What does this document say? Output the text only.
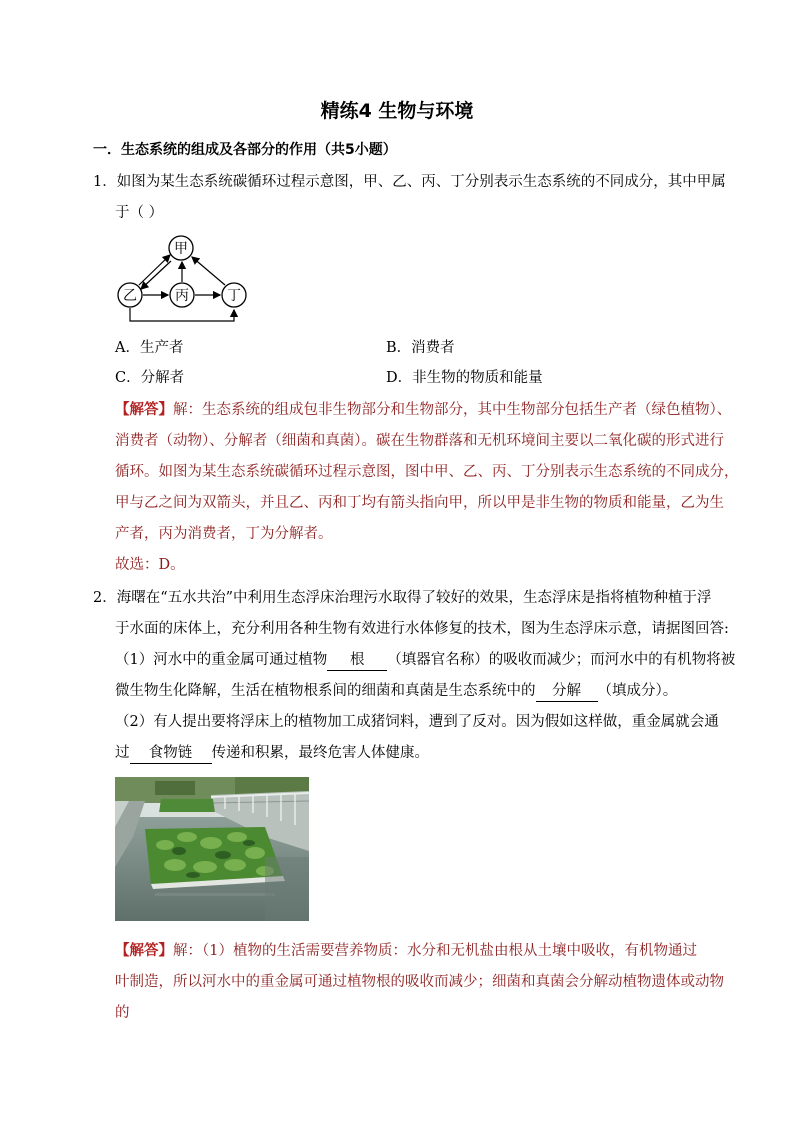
精练4 生物与环境
一．生态系统的组成及各部分的作用（共5小题）
1．如图为某生态系统碳循环过程示意图，甲、乙、丙、丁分别表示生态系统的不同成分，其中甲属
于（ ）
甲
乙	丙	丁
A．生产者	B．消费者
C．分解者	D．非生物的物质和能量
【解答】解：生态系统的组成包非生物部分和生物部分，其中生物部分包括生产者（绿色植物）、
消费者（动物）、分解者（细菌和真菌）。碳在生物群落和无机环境间主要以二氧化碳的形式进行
循环。如图为某生态系统碳循环过程示意图，图中甲、乙、丙、丁分别表示生态系统的不同成分，
甲与乙之间为双箭头，并且乙、丙和丁均有箭头指向甲，所以甲是非生物的物质和能量，乙为生
产者，丙为消费者，丁为分解者。
故选：D。
2．海曙在“五水共治”中利用生态浮床治理污水取得了较好的效果，生态浮床是指将植物种植于浮
于水面的床体上，充分利用各种生物有效进行水体修复的技术，图为生态浮床示意，请据图回答:
（1）河水中的重金属可通过植物 根 （填器官名称）的吸收而减少；而河水中的有机物将被
微生物生化降解，生活在植物根系间的细菌和真菌是生态系统中的 分解 （填成分）。
（2）有人提出要将浮床上的植物加工成猪饲料，遭到了反对。因为假如这样做，重金属就会通
过 食物链 传递和积累，最终危害人体健康。
【解答】解：（1）植物的生活需要营养物质：水分和无机盐由根从土壤中吸收，有机物通过
叶制造，所以河水中的重金属可通过植物根的吸收而减少；细菌和真菌会分解动植物遗体或动物
的
